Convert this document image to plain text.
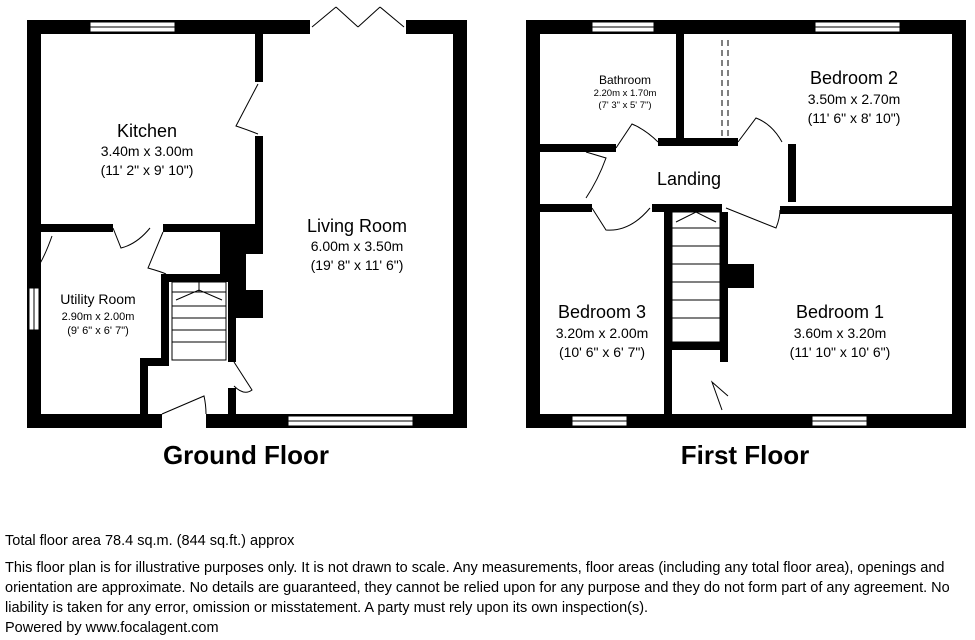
Kitchen
3.40m x 3.00m
(11' 2" x 9' 10")
Living Room
6.00m x 3.50m
(19' 8" x 11' 6")
Utility Room
2.90m x 2.00m
(9' 6" x 6' 7")
Ground Floor
Bathroom
2.20m x 1.70m
(7' 3" x 5' 7")
Bedroom 2
3.50m x 2.70m
(11' 6" x 8' 10")
Landing
Bedroom 3
3.20m x 2.00m
(10' 6" x 6' 7")
Bedroom 1
3.60m x 3.20m
(11' 10" x 10' 6")
First Floor
Total floor area 78.4 sq.m. (844 sq.ft.) approx
This floor plan is for illustrative purposes only. It is not drawn to scale. Any measurements, floor areas (including any total floor area), openings and orientation are approximate. No details are guaranteed, they cannot be relied upon for any purpose and they do not form part of any agreement. No liability is taken for any error, omission or misstatement. A party must rely upon its own inspection(s).
Powered by www.focalagent.com
